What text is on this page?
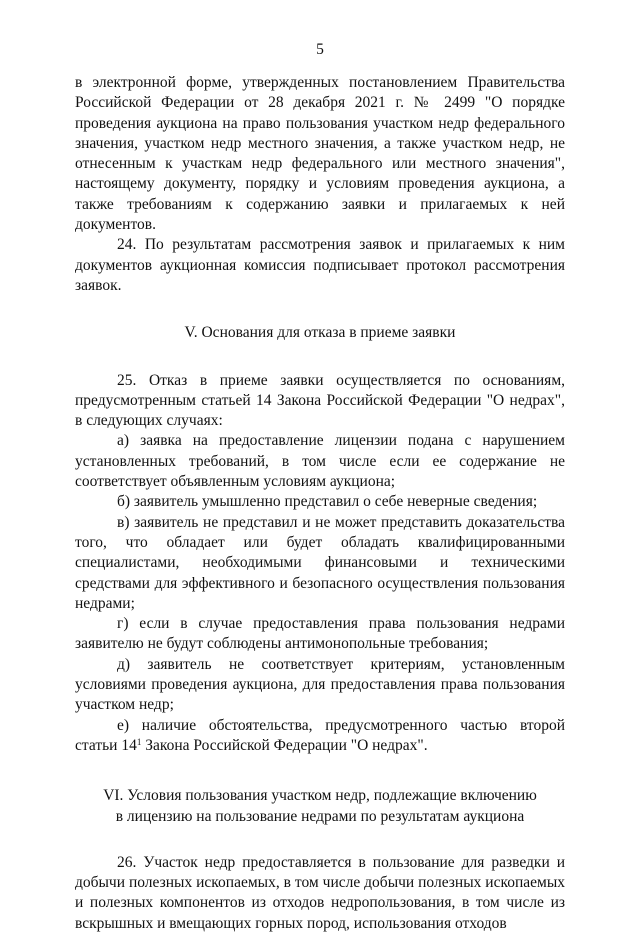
5

в электронной форме, утвержденных постановлением Правительства Российской Федерации от 28 декабря 2021 г. № 2499 "О порядке проведения аукциона на право пользования участком недр федерального значения, участком недр местного значения, а также участком недр, не отнесенным к участкам недр федерального или местного значения", настоящему документу, порядку и условиям проведения аукциона, а также требованиям к содержанию заявки и прилагаемых к ней документов.

24. По результатам рассмотрения заявок и прилагаемых к ним документов аукционная комиссия подписывает протокол рассмотрения заявок.

V. Основания для отказа в приеме заявки

25. Отказ в приеме заявки осуществляется по основаниям, предусмотренным статьей 14 Закона Российской Федерации "О недрах", в следующих случаях:

а) заявка на предоставление лицензии подана с нарушением установленных требований, в том числе если ее содержание не соответствует объявленным условиям аукциона;

б) заявитель умышленно представил о себе неверные сведения;

в) заявитель не представил и не может представить доказательства того, что обладает или будет обладать квалифицированными специалистами, необходимыми финансовыми и техническими средствами для эффективного и безопасного осуществления пользования недрами;

г) если в случае предоставления права пользования недрами заявителю не будут соблюдены антимонопольные требования;

д) заявитель не соответствует критериям, установленным условиями проведения аукциона, для предоставления права пользования участком недр;

е) наличие обстоятельства, предусмотренного частью второй статьи $14^1$ Закона Российской Федерации "О недрах".

VI. Условия пользования участком недр, подлежащие включению

в лицензию на пользование недрами по результатам аукциона

26. Участок недр предоставляется в пользование для разведки и добычи полезных ископаемых, в том числе добычи полезных ископаемых и полезных компонентов из отходов недропользования, в том числе из вскрышных и вмещающих горных пород, использования отходов
